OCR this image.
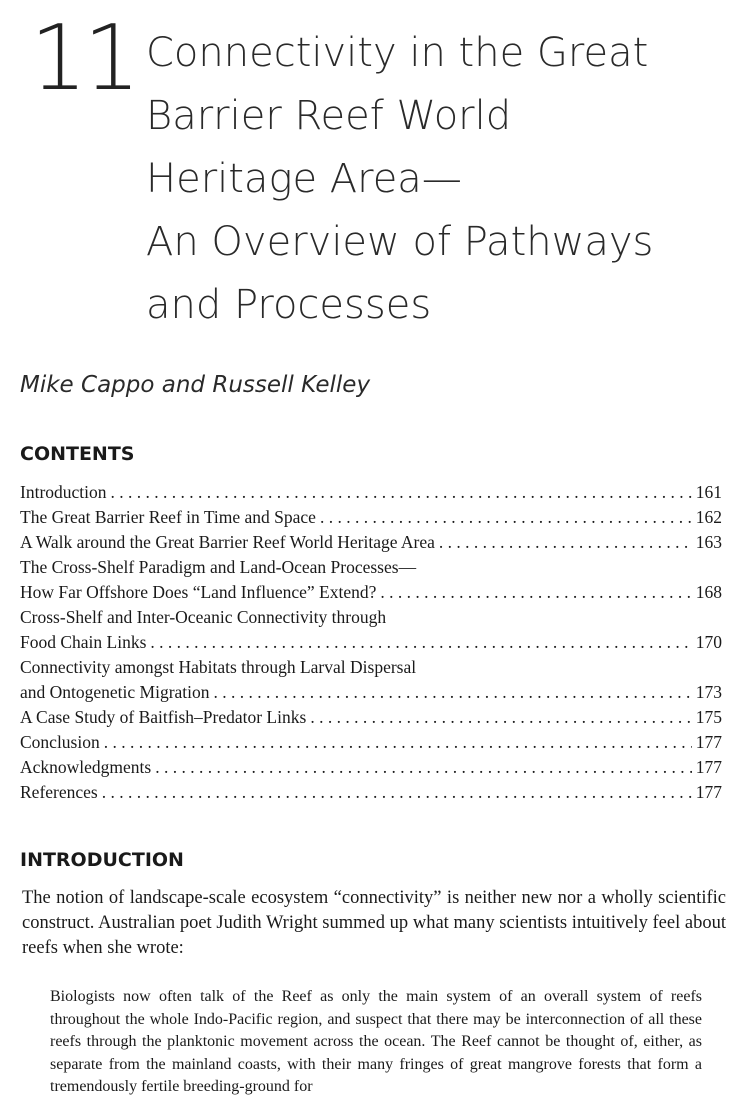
11 Connectivity in the Great
Barrier Reef World
Heritage Area—
An Overview of Pathways
and Processes
Mike Cappo and Russell Kelley
CONTENTS
Introduction . . .	161
The Great Barrier Reef in Time and Space . . .	162
A Walk around the Great Barrier Reef World Heritage Area . . .	163
The Cross-Shelf Paradigm and Land-Ocean Processes—
How Far Offshore Does “Land Influence” Extend? . . .	168
Cross-Shelf and Inter-Oceanic Connectivity through
Food Chain Links . . .	170
Connectivity amongst Habitats through Larval Dispersal
and Ontogenetic Migration . . .	173
A Case Study of Baitfish–Predator Links . . .	175
Conclusion . . .	177
Acknowledgments . . .	177
References . . .	177
INTRODUCTION

The notion of landscape-scale ecosystem “connectivity” is neither new nor a wholly scientific construct. Australian poet Judith Wright summed up what many scientists intuitively feel about reefs when she wrote:

Biologists now often talk of the Reef as only the main system of an overall system of reefs throughout the whole Indo-Pacific region, and suspect that there may be interconnection of all these reefs through the planktonic movement across the ocean. The Reef cannot be thought of, either, as separate from the mainland coasts, with their many fringes of great mangrove forests that form a tremendously fertile breeding-ground for
